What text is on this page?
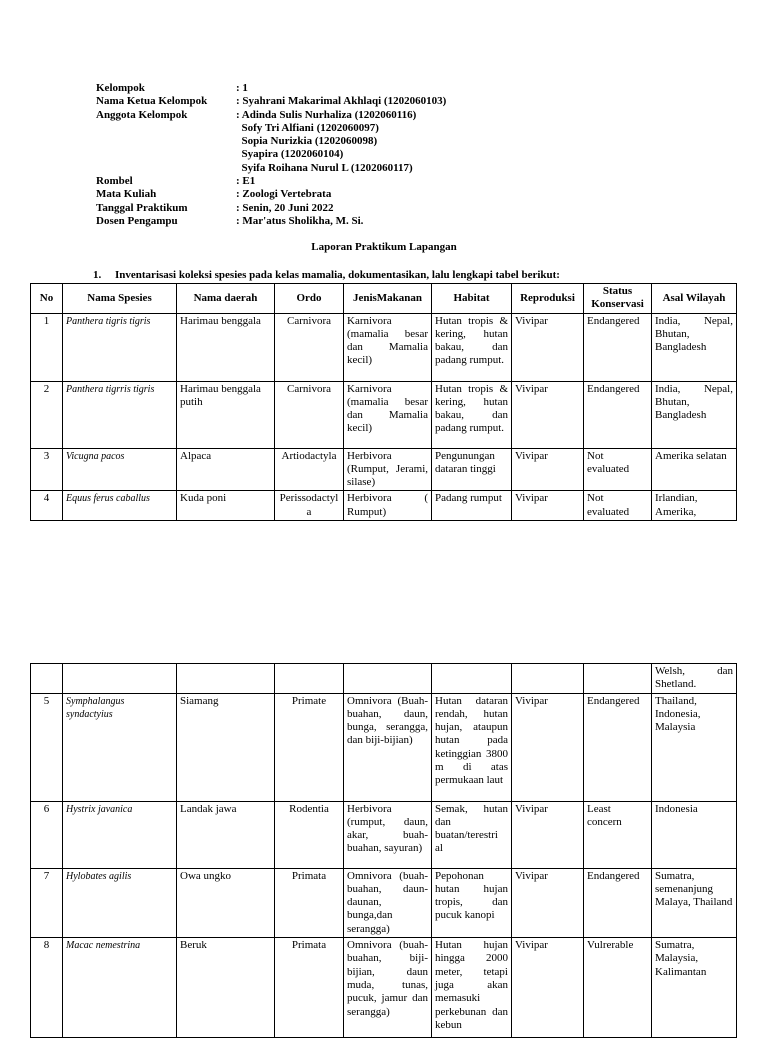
Kelompok	: 1
Nama Ketua Kelompok	: Syahrani Makarimal Akhlaqi (1202060103)
Anggota Kelompok	: Adinda Sulis Nurhaliza (1202060116)
Sofy Tri Alfiani (1202060097)
Sopia Nurizkia (1202060098)
Syapira (1202060104)
Syifa Roihana Nurul L (1202060117)
Rombel	: E1
Mata Kuliah	: Zoologi Vertebrata
Tanggal Praktikum	: Senin, 20 Juni 2022
Dosen Pengampu	: Mar'atus Sholikha, M. Si.
Laporan Praktikum Lapangan
1. Inventarisasi koleksi spesies pada kelas mamalia, dokumentasikan, lalu lengkapi tabel berikut:
No	Nama Spesies	Nama daerah	Ordo	JenisMakanan	Habitat	Reproduksi	Status Konservasi	Asal Wilayah
1	Panthera tigris tigris	Harimau benggala	Carnivora	Karnivora (mamalia besar dan Mamalia kecil)	Hutan tropis & kering, hutan bakau, dan padang rumput.	Vivipar	Endangered	India, Nepal, Bhutan, Bangladesh
2	Panthera tigrris tigris	Harimau benggala putih	Carnivora	Karnivora (mamalia besar dan Mamalia kecil)	Hutan tropis & kering, hutan bakau, dan padang rumput.	Vivipar	Endangered	India, Nepal, Bhutan, Bangladesh
3	Vicugna pacos	Alpaca	Artiodactyla	Herbivora (Rumput, Jerami, silase)	Pengunungan dataran tinggi	Vivipar	Not evaluated	Amerika selatan
4	Equus ferus caballus	Kuda poni	Perissodactyl a	Herbivora ( Rumput)	Padang rumput	Vivipar	Not evaluated	Irlandian, Amerika,
								Welsh, dan Shetland.
5	Symphalangus syndactyius	Siamang	Primate	Omnivora (Buah-buahan, daun, bunga, serangga, dan biji-bijian)	Hutan dataran rendah, hutan hujan, ataupun hutan pada ketinggian 3800 m di atas permukaan laut	Vivipar	Endangered	Thailand, Indonesia, Malaysia
6	Hystrix javanica	Landak jawa	Rodentia	Herbivora (rumput, daun, akar, buah-buahan, sayuran)	Semak, hutan dan buatan/terestri al	Vivipar	Least concern	Indonesia
7	Hylobates agilis	Owa ungko	Primata	Omnivora (buah-buahan, daun-daunan, bunga,dan serangga)	Pepohonan hutan hujan tropis, dan pucuk kanopi	Vivipar	Endangered	Sumatra, semenanjung Malaya, Thailand
8	Macac nemestrina	Beruk	Primata	Omnivora (buah-buahan, biji-bijian, daun muda, tunas, pucuk, jamur dan serangga)	Hutan hujan hingga 2000 meter, tetapi juga akan memasuki perkebunan dan kebun	Vivipar	Vulrerable	Sumatra, Malaysia, Kalimantan
